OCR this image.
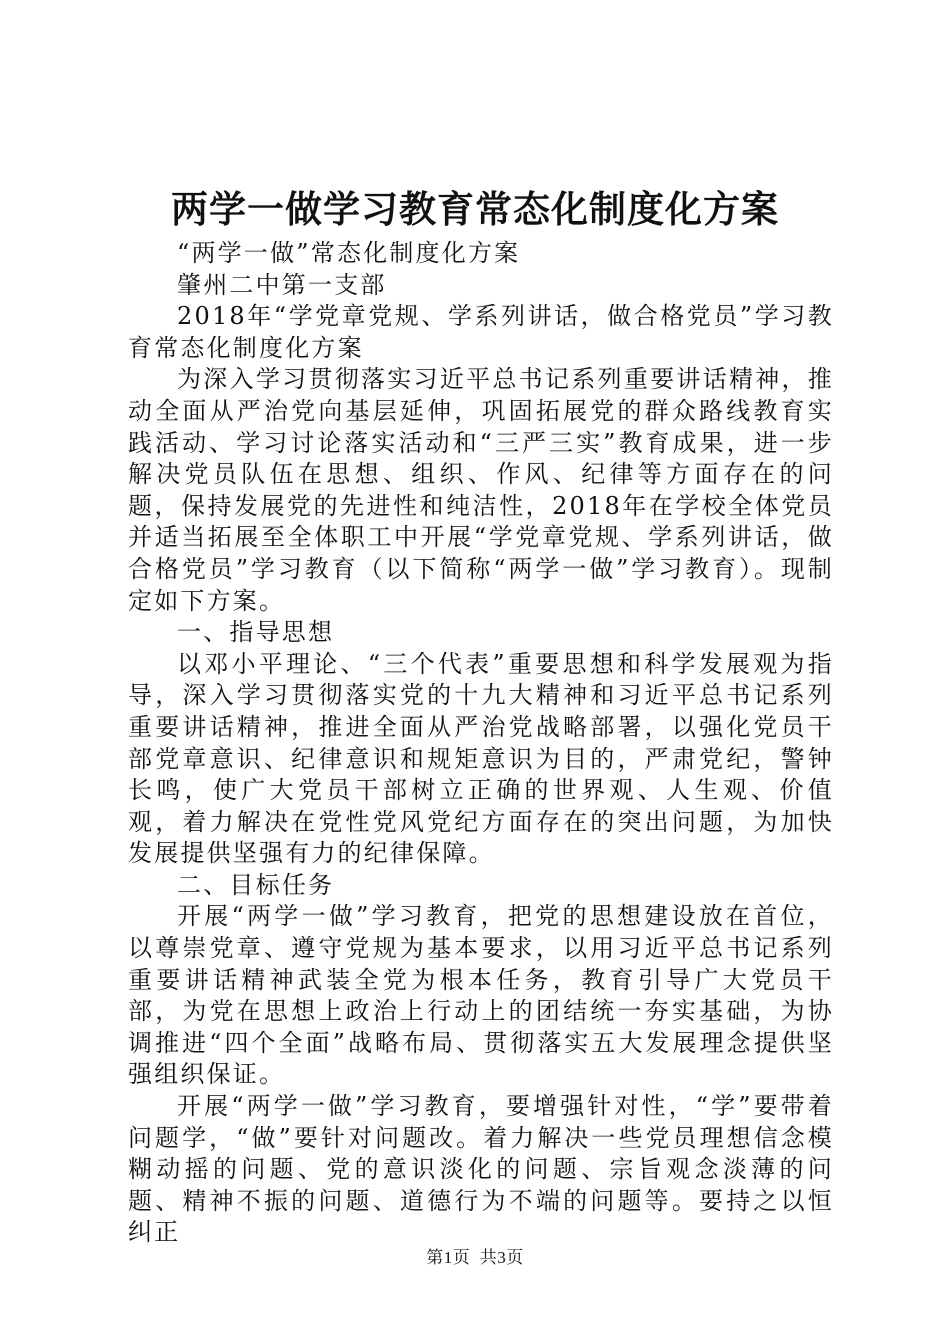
两学一做学习教育常态化制度化方案

“两学一做”常态化制度化方案

肇州二中第一支部

2018年“学党章党规、学系列讲话，做合格党员”学习教育常态化制度化方案

为深入学习贯彻落实习近平总书记系列重要讲话精神，推动全面从严治党向基层延伸，巩固拓展党的群众路线教育实践活动、学习讨论落实活动和“三严三实”教育成果，进一步解决党员队伍在思想、组织、作风、纪律等方面存在的问题，保持发展党的先进性和纯洁性，2018年在学校全体党员并适当拓展至全体职工中开展“学党章党规、学系列讲话，做合格党员”学习教育（以下简称“两学一做”学习教育）。现制定如下方案。

一、指导思想

以邓小平理论、“三个代表”重要思想和科学发展观为指导，深入学习贯彻落实党的十九大精神和习近平总书记系列重要讲话精神，推进全面从严治党战略部署，以强化党员干部党章意识、纪律意识和规矩意识为目的，严肃党纪，警钟长鸣，使广大党员干部树立正确的世界观、人生观、价值观，着力解决在党性党风党纪方面存在的突出问题，为加快发展提供坚强有力的纪律保障。

二、目标任务

开展“两学一做”学习教育，把党的思想建设放在首位，以尊崇党章、遵守党规为基本要求，以用习近平总书记系列重要讲话精神武装全党为根本任务，教育引导广大党员干部，为党在思想上政治上行动上的团结统一夯实基础，为协调推进“四个全面”战略布局、贯彻落实五大发展理念提供坚强组织保证。

开展“两学一做”学习教育，要增强针对性，“学”要带着问题学，“做”要针对问题改。着力解决一些党员理想信念模糊动摇的问题、党的意识淡化的问题、宗旨观念淡薄的问题、精神不振的问题、道德行为不端的问题等。要持之以恒纠正

第1页 共3页
